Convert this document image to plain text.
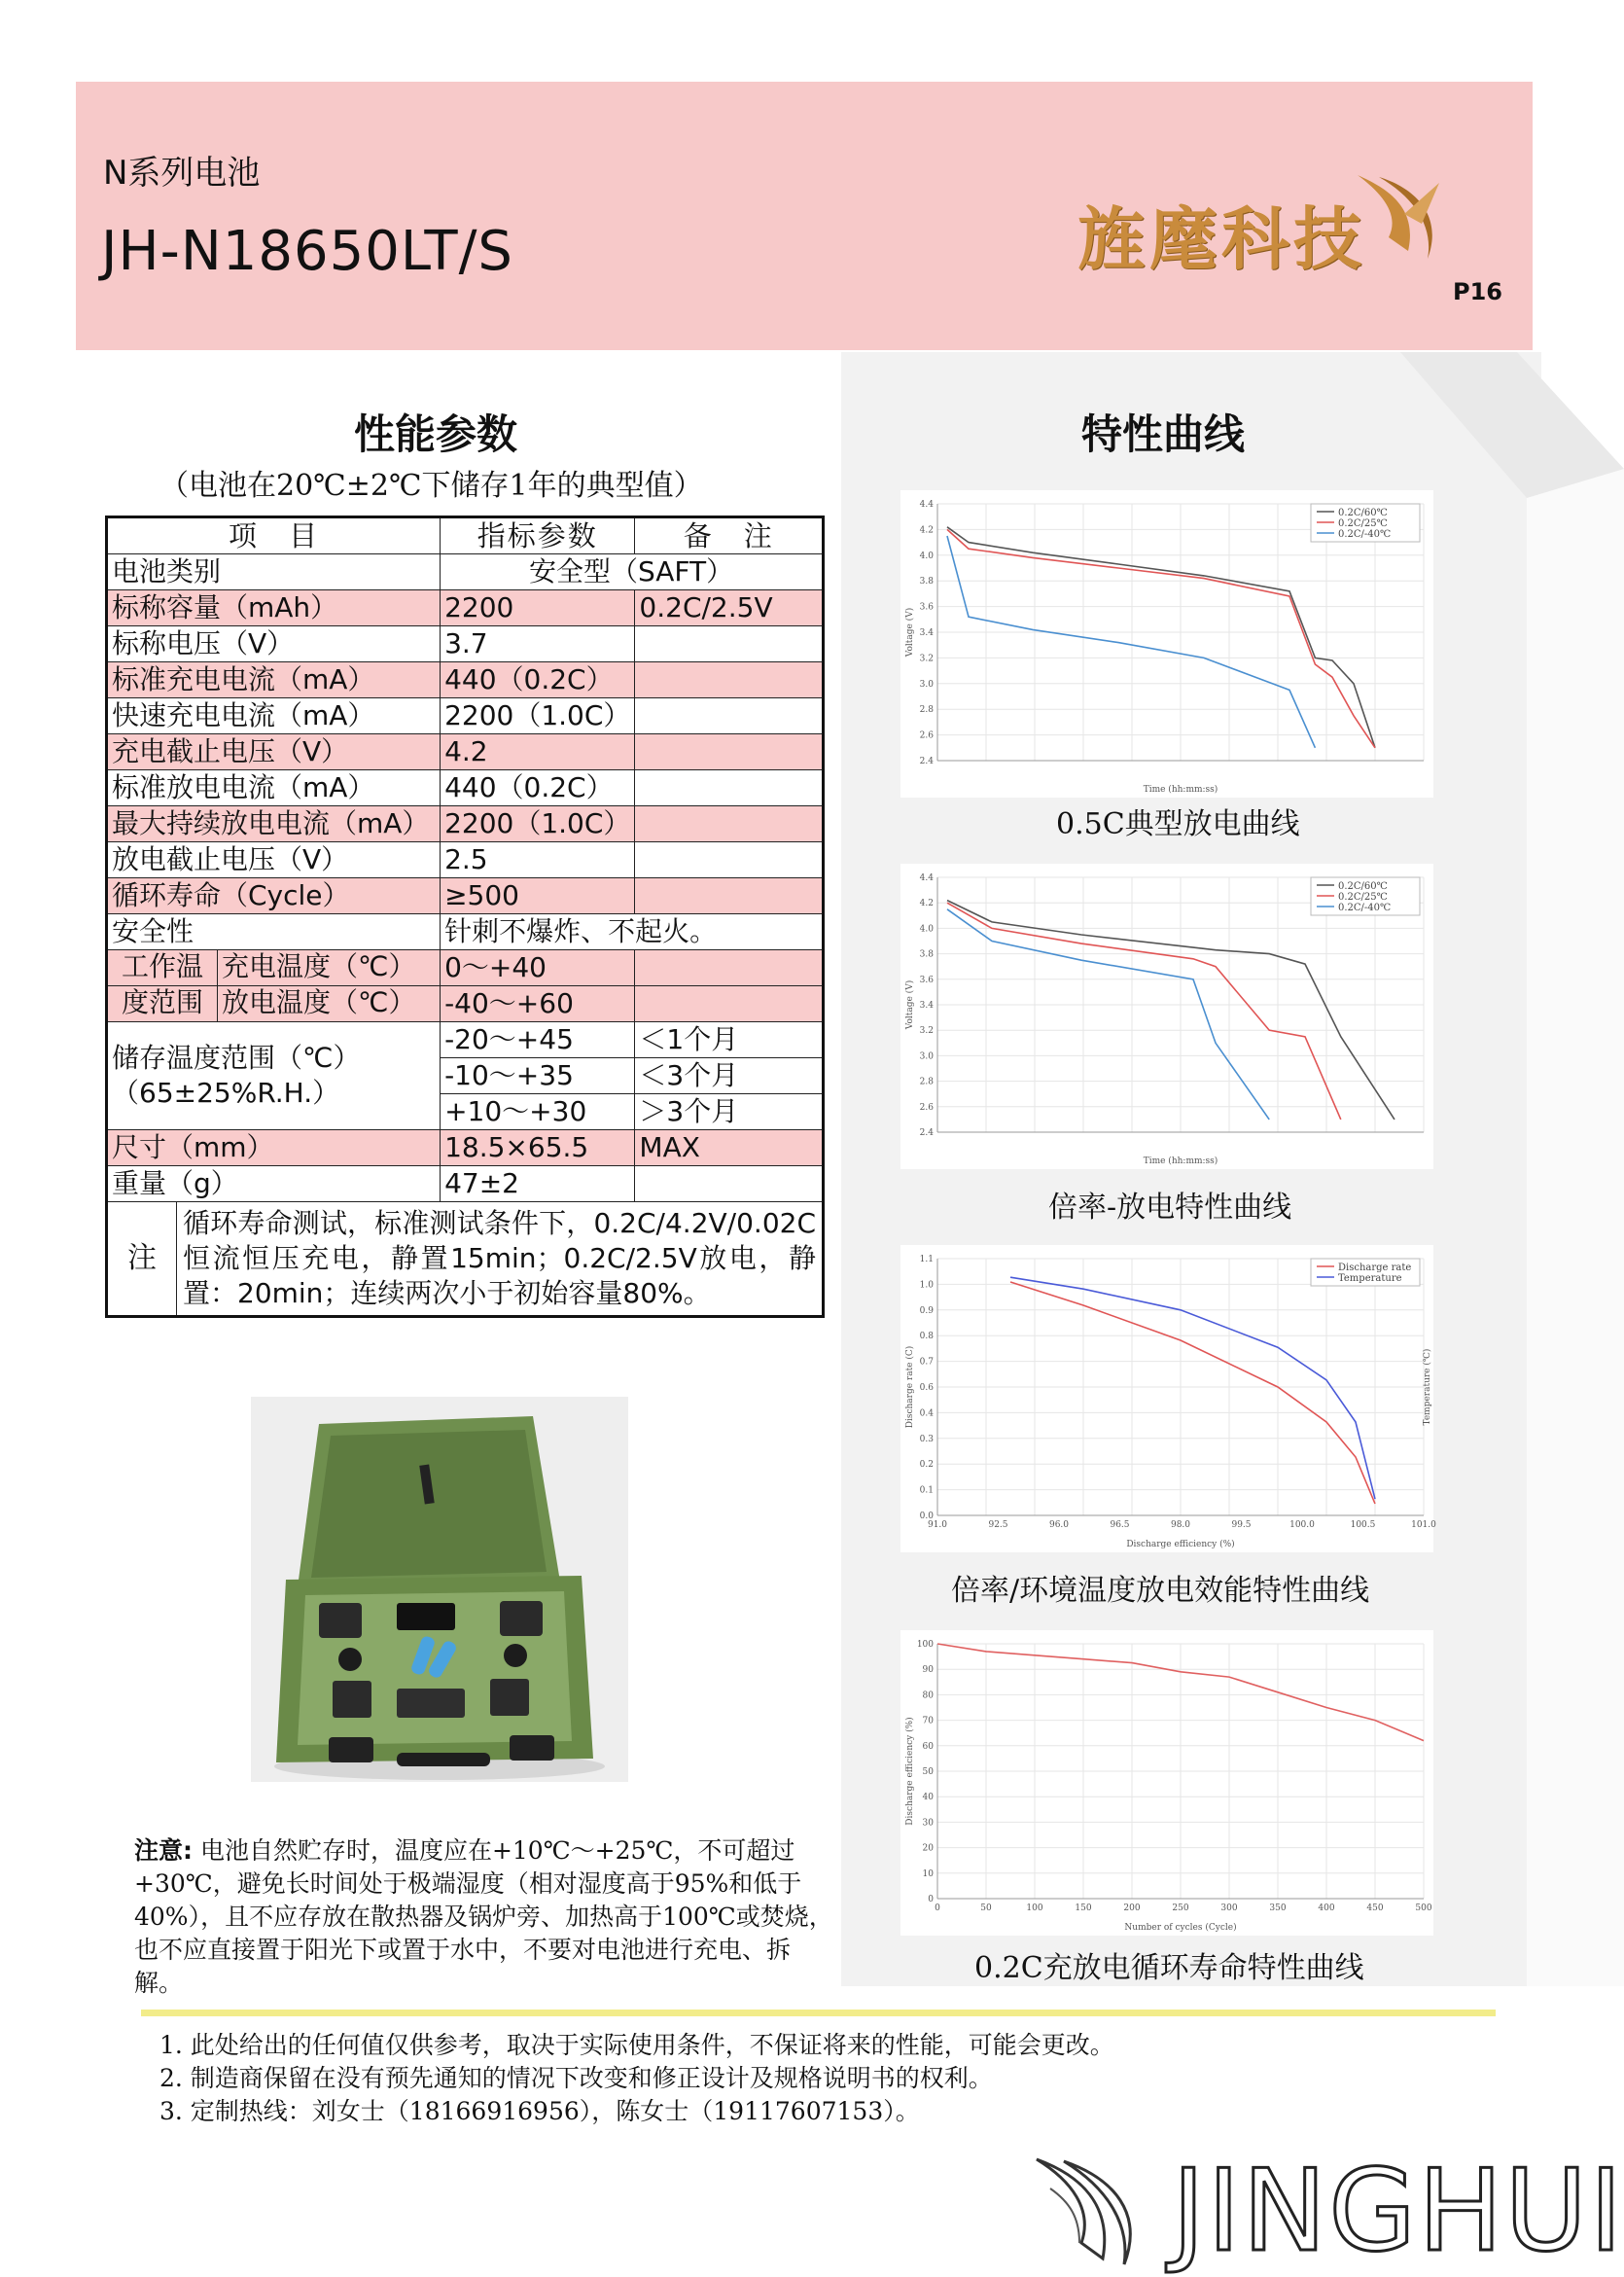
N系列电池
JH-N18650LT/S	旌麾科技
P16
性能参数
（电池在20℃±2℃下储存1年的典型值）
项　目	指标参数	备　注
电池类别	安全型（SAFT）	
标称容量（mAh）	2200	0.2C/2.5V
标称电压（V）	3.7	
标准充电电流（mA）	440（0.2C）	
快速充电电流（mA）	2200（1.0C）	
充电截止电压（V）	4.2	
标准放电电流（mA）	440（0.2C）	
最大持续放电电流（mA）	2200（1.0C）	
放电截止电压（V）	2.5	
循环寿命（Cycle）	≥500	
安全性	针刺不爆炸、不起火。	

工作温 充电温度（℃）	0～+40	

度范围 放电温度（℃）	-40～+60	

储存温度范围（℃）
（65±25%R.H.）	-20～+45	＜1个月
	-10～+35	＜3个月
	+10～+30	＞3个月
尺寸（mm）	18.5×65.5	MAX
重量（g）	47±2	

注
循环寿命测试，标准测试条件下，0.2C/4.2V/0.02C恒流恒压充电，静置15min；0.2C/2.5V放电，静置：20min；连续两次小于初始容量80%。		
注意: 电池自然贮存时，温度应在+10℃～+25℃，不可超过+30℃，避免长时间处于极端湿度（相对湿度高于95%和低于40%），且不应存放在散热器及锅炉旁、加热高于100℃或焚烧，也不应直接置于阳光下或置于水中，不要对电池进行充电、拆解。
特性曲线
2.4
2.6
2.8
3.0
3.2
3.4
3.6
3.8
4.0
4.2
4.4
Time (hh:mm:ss)
Voltage (V)
0.2C/60℃
0.2C/25℃
0.2C/-40℃
0.5C典型放电曲线
2.4
2.6
2.8
3.0
3.2
3.4
3.6
3.8
4.0
4.2
4.4
Time (hh:mm:ss)
Voltage (V)
0.2C/60℃
0.2C/25℃
0.2C/-40℃
倍率-放电特性曲线
0.0
0.1
0.2
0.3
0.4
0.6
0.7
0.8
0.9
1.0
1.1
91.0	92.5	96.0	96.5	98.0	99.5	100.0	100.5	101.0
Discharge efficiency (%)
Discharge rate (C)	Temperature (℃)
Discharge rate
Temperature
倍率/环境温度放电效能特性曲线
0
10
20
30
40
50
60
70
80
90
100
0	50	100	150	200	250	300	350	400	450	500
Number of cycles (Cycle)
Discharge efficiency (%)
0.2C充放电循环寿命特性曲线
1. 此处给出的任何值仅供参考，取决于实际使用条件，不保证将来的性能，可能会更改。
2. 制造商保留在没有预先通知的情况下改变和修正设计及规格说明书的权利。
3. 定制热线：刘女士（18166916956），陈女士（19117607153）。
JINGHUI
